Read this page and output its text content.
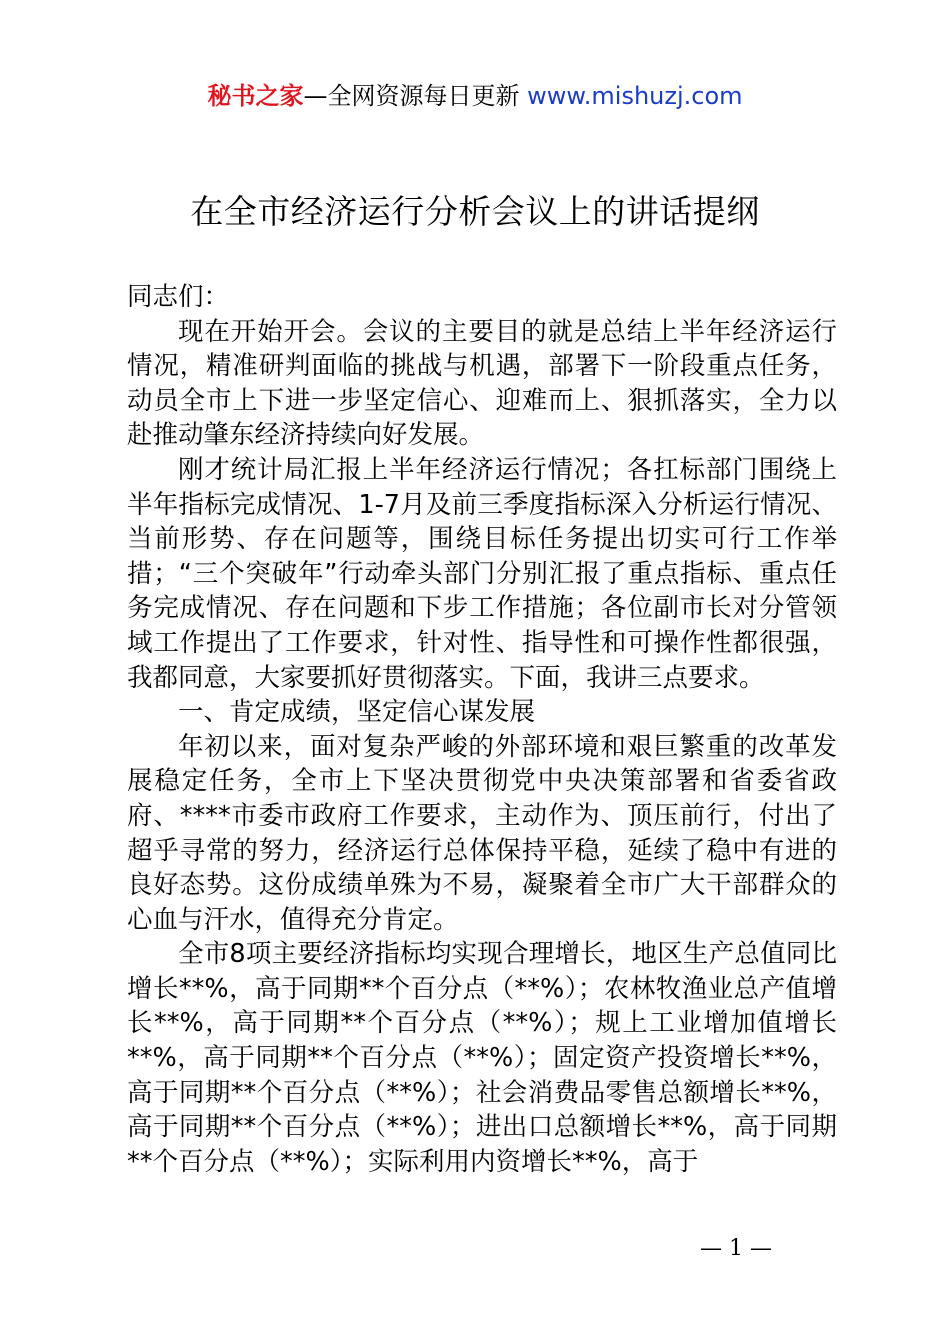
秘书之家—全网资源每日更新 www.mishuzj.com
在全市经济运行分析会议上的讲话提纲

同志们：

现在开始开会。会议的主要目的就是总结上半年经济运行情况，精准研判面临的挑战与机遇，部署下一阶段重点任务，动员全市上下进一步坚定信心、迎难而上、狠抓落实，全力以赴推动肇东经济持续向好发展。

刚才统计局汇报上半年经济运行情况；各扛标部门围绕上半年指标完成情况、1-7月及前三季度指标深入分析运行情况、当前形势、存在问题等，围绕目标任务提出切实可行工作举措；“三个突破年”行动牵头部门分别汇报了重点指标、重点任务完成情况、存在问题和下步工作措施；各位副市长对分管领域工作提出了工作要求，针对性、指导性和可操作性都很强，我都同意，大家要抓好贯彻落实。下面，我讲三点要求。

一、肯定成绩，坚定信心谋发展

年初以来，面对复杂严峻的外部环境和艰巨繁重的改革发展稳定任务，全市上下坚决贯彻党中央决策部署和省委省政府、****市委市政府工作要求，主动作为、顶压前行，付出了超乎寻常的努力，经济运行总体保持平稳，延续了稳中有进的良好态势。这份成绩单殊为不易，凝聚着全市广大干部群众的心血与汗水，值得充分肯定。

全市8项主要经济指标均实现合理增长，地区生产总值同比增长**%，高于同期**个百分点（**%）；农林牧渔业总产值增长**%，高于同期**个百分点（**%）；规上工业增加值增长**%，高于同期**个百分点（**%）；固定资产投资增长**%，高于同期**个百分点（**%）；社会消费品零售总额增长**%，高于同期**个百分点（**%）；进出口总额增长**%，高于同期**个百分点（**%）；实际利用内资增长**%，高于

— 1 —
